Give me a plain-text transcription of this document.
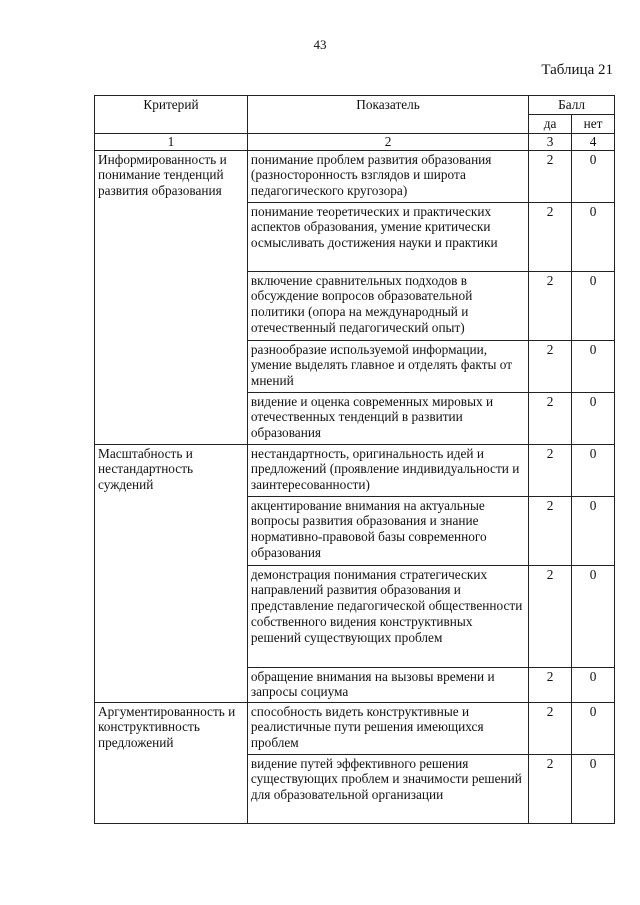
43
Таблица 21
Критерий	Показатель	Балл	
		да	нет
1	2	3	4
Информированность и понимание тенденций развития образования	понимание проблем развития образования (разносторонность взглядов и широта педагогического кругозора)	2	0
	понимание теоретических и практических аспектов образования, умение критически осмысливать достижения науки и практики	2	0
	включение сравнительных подходов в обсуждение вопросов образовательной политики (опора на международный и отечественный педагогический опыт)	2	0
	разнообразие используемой информации, умение выделять главное и отделять факты от мнений	2	0
	видение и оценка современных мировых и отечественных тенденций в развитии образования	2	0
Масштабность и нестандартность суждений	нестандартность, оригинальность идей и предложений (проявление индивидуальности и заинтересованности)	2	0
	акцентирование внимания на актуальные вопросы развития образования и знание нормативно-правовой базы современного образования	2	0
	демонстрация понимания стратегических направлений развития образования и представление педагогической общественности собственного видения конструктивных решений существующих проблем	2	0
	обращение внимания на вызовы времени и запросы социума	2	0
Аргументированность и конструктивность предложений	способность видеть конструктивные и реалистичные пути решения имеющихся проблем	2	0
	видение путей эффективного решения существующих проблем и значимости решений для образовательной организации	2	0
